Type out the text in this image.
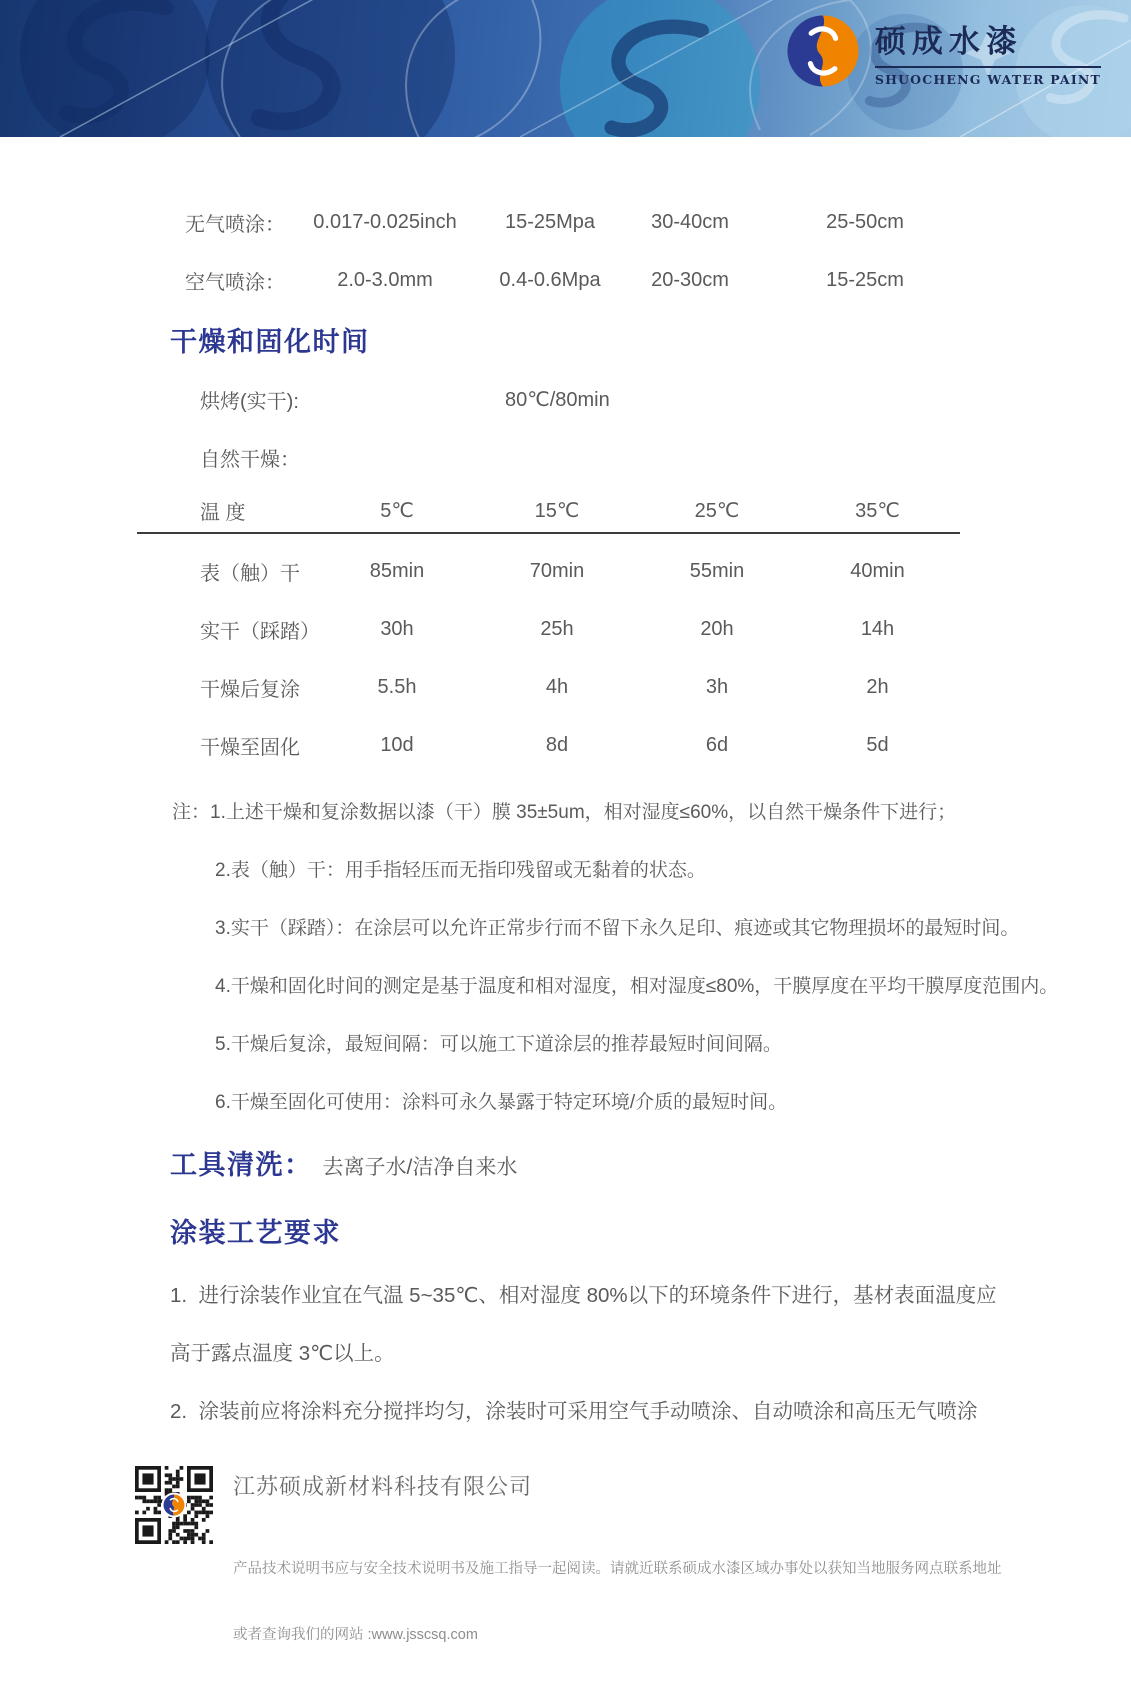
硕成水漆
SHUOCHENG WATER PAINT
无气喷涂：	0.017-0.025inch	15-25Mpa	30-40cm	25-50cm
空气喷涂：	2.0-3.0mm	0.4-0.6Mpa	20-30cm	15-25cm
干燥和固化时间
烘烤(实干):	80℃/80min
自然干燥：
温 度	5℃	15℃	25℃	35℃
表（触）干	85min	70min	55min	40min
实干（踩踏）	30h	25h	20h	14h
干燥后复涂	5.5h	4h	3h	2h
干燥至固化	10d	8d	6d	5d
注：1.上述干燥和复涂数据以漆（干）膜 35±5um，相对湿度≤60%，以自然干燥条件下进行；
2.表（触）干：用手指轻压而无指印残留或无黏着的状态。
3.实干（踩踏）：在涂层可以允许正常步行而不留下永久足印、痕迹或其它物理损坏的最短时间。
4.干燥和固化时间的测定是基于温度和相对湿度，相对湿度≤80%，干膜厚度在平均干膜厚度范围内。
5.干燥后复涂，最短间隔：可以施工下道涂层的推荐最短时间间隔。
6.干燥至固化可使用：涂料可永久暴露于特定环境/介质的最短时间。
工具清洗： 去离子水/洁净自来水
涂装工艺要求
1.  进行涂装作业宜在气温 5~35℃、相对湿度 80%以下的环境条件下进行，基材表面温度应
高于露点温度 3℃以上。
2.  涂装前应将涂料充分搅拌均匀，涂装时可采用空气手动喷涂、自动喷涂和高压无气喷涂
江苏硕成新材料科技有限公司

产品技术说明书应与安全技术说明书及施工指导一起阅读。请就近联系硕成水漆区域办事处以获知当地服务网点联系地址

或者查询我们的网站 :www.jsscsq.com
